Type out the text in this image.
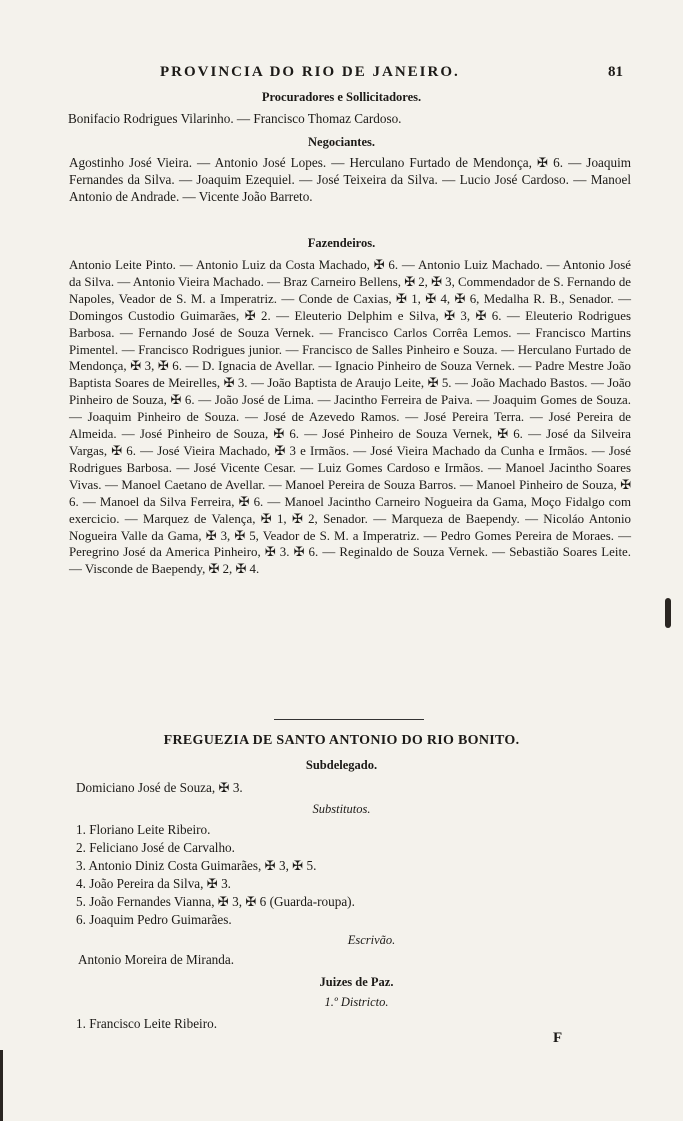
PROVINCIA DO RIO DE JANEIRO.	81
Procuradores e Sollicitadores.
Bonifacio Rodrigues Vilarinho. — Francisco Thomaz Cardoso.
Negociantes.
Agostinho José Vieira. — Antonio José Lopes. — Herculano Furtado de Mendonça, ✠ 6. — Joaquim Fernandes da Silva. — Joaquim Ezequiel. — José Teixeira da Silva. — Lucio José Cardoso. — Manoel Antonio de Andrade. — Vicente João Barreto.
Fazendeiros.
Antonio Leite Pinto. — Antonio Luiz da Costa Machado, ✠ 6. — Antonio Luiz Machado. — Antonio José da Silva. — Antonio Vieira Machado. — Braz Carneiro Bellens, ✠ 2, ✠ 3, Commendador de S. Fernando de Napoles, Veador de S. M. a Imperatriz. — Conde de Caxias, ✠ 1, ✠ 4, ✠ 6, Medalha R. B., Senador. — Domingos Custodio Guimarães, ✠ 2. — Eleuterio Delphim e Silva, ✠ 3, ✠ 6. — Eleuterio Rodrigues Barbosa. — Fernando José de Souza Vernek. — Francisco Carlos Corrêa Lemos. — Francisco Martins Pimentel. — Francisco Rodrigues junior. — Francisco de Salles Pinheiro e Souza. — Herculano Furtado de Mendonça, ✠ 3, ✠ 6. — D. Ignacia de Avellar. — Ignacio Pinheiro de Souza Vernek. — Padre Mestre João Baptista Soares de Meirelles, ✠ 3. — João Baptista de Araujo Leite, ✠ 5. — João Machado Bastos. — João Pinheiro de Souza, ✠ 6. — João José de Lima. — Jacintho Ferreira de Paiva. — Joaquim Gomes de Souza. — Joaquim Pinheiro de Souza. — José de Azevedo Ramos. — José Pereira Terra. — José Pereira de Almeida. — José Pinheiro de Souza, ✠ 6. — José Pinheiro de Souza Vernek, ✠ 6. — José da Silveira Vargas, ✠ 6. — José Vieira Machado, ✠ 3 e Irmãos. — José Vieira Machado da Cunha e Irmãos. — José Rodrigues Barbosa. — José Vicente Cesar. — Luiz Gomes Cardoso e Irmãos. — Manoel Jacintho Soares Vivas. — Manoel Caetano de Avellar. — Manoel Pereira de Souza Barros. — Manoel Pinheiro de Souza, ✠ 6. — Manoel da Silva Ferreira, ✠ 6. — Manoel Jacintho Carneiro Nogueira da Gama, Moço Fidalgo com exercicio. — Marquez de Valença, ✠ 1, ✠ 2, Senador. — Marqueza de Baependy. — Nicoláo Antonio Nogueira Valle da Gama, ✠ 3, ✠ 5, Veador de S. M. a Imperatriz. — Pedro Gomes Pereira de Moraes. — Peregrino José da America Pinheiro, ✠ 3. ✠ 6. — Reginaldo de Souza Vernek. — Sebastião Soares Leite. — Visconde de Baependy, ✠ 2, ✠ 4.
FREGUEZIA DE SANTO ANTONIO DO RIO BONITO.
Subdelegado.
Domiciano José de Souza, ✠ 3.
Substitutos.
1. Floriano Leite Ribeiro.
2. Feliciano José de Carvalho.
3. Antonio Diniz Costa Guimarães, ✠ 3, ✠ 5.
4. João Pereira da Silva, ✠ 3.
5. João Fernandes Vianna, ✠ 3, ✠ 6 (Guarda-roupa).
6. Joaquim Pedro Guimarães.
Escrivão.
Antonio Moreira de Miranda.
Juizes de Paz.
1.º Districto.
1. Francisco Leite Ribeiro.
F
